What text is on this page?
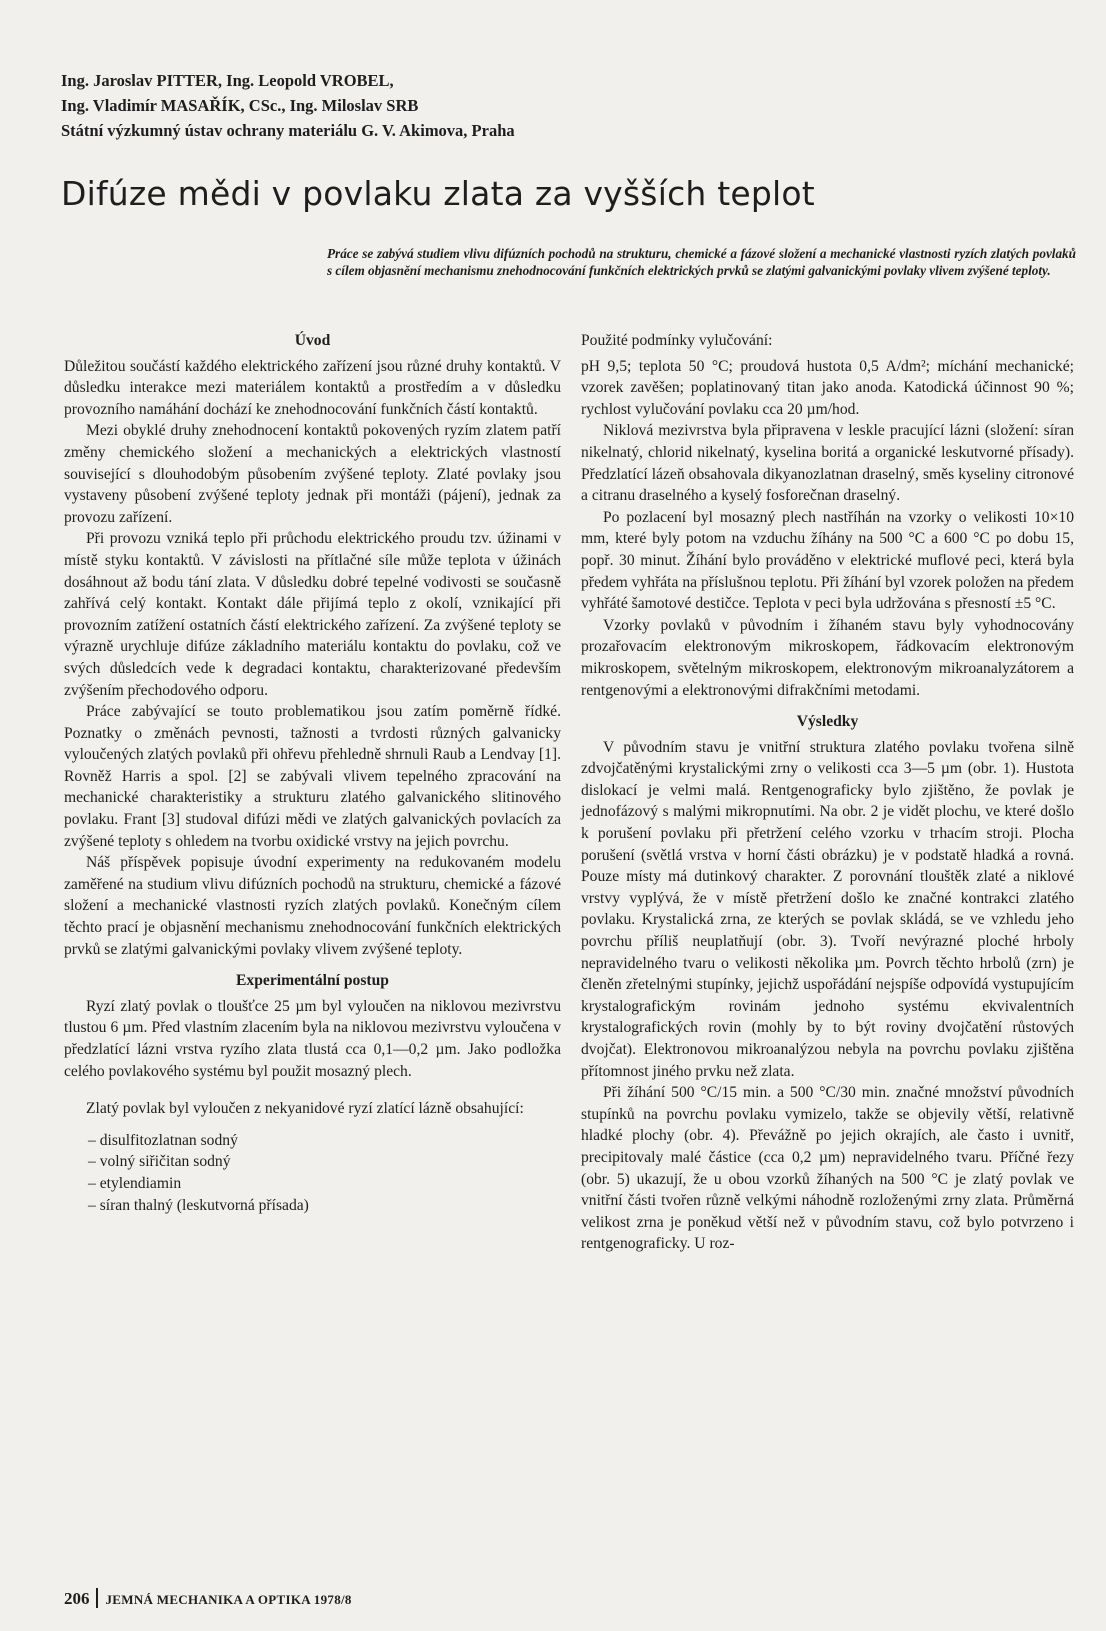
Ing. Jaroslav PITTER, Ing. Leopold VROBEL,
Ing. Vladimír MASAŘÍK, CSc., Ing. Miloslav SRB
Státní výzkumný ústav ochrany materiálu G. V. Akimova, Praha
Difúze mědi v povlaku zlata za vyšších teplot
Práce se zabývá studiem vlivu difúzních pochodů na strukturu, chemické a fázové složení a mechanické vlastnosti ryzích zlatých povlaků s cílem objasnění mechanismu znehodnocování funkčních elektrických prvků se zlatými galvanickými povlaky vlivem zvýšené teploty.
Úvod

Důležitou součástí každého elektrického zařízení jsou různé druhy kontaktů. V důsledku interakce mezi materiálem kontaktů a prostředím a v důsledku provozního namáhání dochází ke znehodnocování funkčních částí kontaktů.

Mezi obyklé druhy znehodnocení kontaktů pokovených ryzím zlatem patří změny chemického složení a mechanických a elektrických vlastností související s dlouhodobým působením zvýšené teploty. Zlaté povlaky jsou vystaveny působení zvýšené teploty jednak při montáži (pájení), jednak za provozu zařízení.

Při provozu vzniká teplo při průchodu elektrického proudu tzv. úžinami v místě styku kontaktů. V závislosti na přítlačné síle může teplota v úžinách dosáhnout až bodu tání zlata. V důsledku dobré tepelné vodivosti se současně zahřívá celý kontakt. Kontakt dále přijímá teplo z okolí, vznikající při provozním zatížení ostatních částí elektrického zařízení. Za zvýšené teploty se výrazně urychluje difúze základního materiálu kontaktu do povlaku, což ve svých důsledcích vede k degradaci kontaktu, charakterizované především zvýšením přechodového odporu.

Práce zabývající se touto problematikou jsou zatím poměrně řídké. Poznatky o změnách pevnosti, tažnosti a tvrdosti různých galvanicky vyloučených zlatých povlaků při ohřevu přehledně shrnuli Raub a Lendvay [1]. Rovněž Harris a spol. [2] se zabývali vlivem tepelného zpracování na mechanické charakteristiky a strukturu zlatého galvanického slitinového povlaku. Frant [3] studoval difúzi mědi ve zlatých galvanických povlacích za zvýšené teploty s ohledem na tvorbu oxidické vrstvy na jejich povrchu.

Náš příspěvek popisuje úvodní experimenty na redukovaném modelu zaměřené na studium vlivu difúzních pochodů na strukturu, chemické a fázové složení a mechanické vlastnosti ryzích zlatých povlaků. Konečným cílem těchto prací je objasnění mechanismu znehodnocování funkčních elektrických prvků se zlatými galvanickými povlaky vlivem zvýšené teploty.

Experimentální postup

Ryzí zlatý povlak o tloušťce 25 µm byl vyloučen na niklovou mezivrstvu tlustou 6 µm. Před vlastním zlacením byla na niklovou mezivrstvu vyloučena v předzlatící lázni vrstva ryzího zlata tlustá cca 0,1—0,2 µm. Jako podložka celého povlakového systému byl použit mosazný plech.

Zlatý povlak byl vyloučen z nekyanidové ryzí zlatící lázně obsahující:

– disulfitozlatnan sodný
– volný siřičitan sodný
– etylendiamin
– síran thalný (leskutvorná přísada)

Použité podmínky vylučování:

pH 9,5; teplota 50 °C; proudová hustota 0,5 A/dm²; míchání mechanické; vzorek zavěšen; poplatinovaný titan jako anoda. Katodická účinnost 90 %; rychlost vylučování povlaku cca 20 µm/hod.

Niklová mezivrstva byla připravena v leskle pracující lázni (složení: síran nikelnatý, chlorid nikelnatý, kyselina boritá a organické leskutvorné přísady). Předzlatící lázeň obsahovala dikyanozlatnan draselný, směs kyseliny citronové a citranu draselného a kyselý fosforečnan draselný.

Po pozlacení byl mosazný plech nastříhán na vzorky o velikosti 10×10 mm, které byly potom na vzduchu žíhány na 500 °C a 600 °C po dobu 15, popř. 30 minut. Žíhání bylo prováděno v elektrické muflové peci, která byla předem vyhřáta na příslušnou teplotu. Při žíhání byl vzorek položen na předem vyhřáté šamotové destičce. Teplota v peci byla udržována s přesností ±5 °C.

Vzorky povlaků v původním i žíhaném stavu byly vyhodnocovány prozařovacím elektronovým mikroskopem, řádkovacím elektronovým mikroskopem, světelným mikroskopem, elektronovým mikroanalyzátorem a rentgenovými a elektronovými difrakčními metodami.

Výsledky

V původním stavu je vnitřní struktura zlatého povlaku tvořena silně zdvojčatěnými krystalickými zrny o velikosti cca 3—5 µm (obr. 1). Hustota dislokací je velmi malá. Rentgenograficky bylo zjištěno, že povlak je jednofázový s malými mikropnutími. Na obr. 2 je vidět plochu, ve které došlo k porušení povlaku při přetržení celého vzorku v trhacím stroji. Plocha porušení (světlá vrstva v horní části obrázku) je v podstatě hladká a rovná. Pouze místy má dutinkový charakter. Z porovnání tlouštěk zlaté a niklové vrstvy vyplývá, že v místě přetržení došlo ke značné kontrakci zlatého povlaku. Krystalická zrna, ze kterých se povlak skládá, se ve vzhledu jeho povrchu příliš neuplatňují (obr. 3). Tvoří nevýrazné ploché hrboly nepravidelného tvaru o velikosti několika µm. Povrch těchto hrbolů (zrn) je členěn zřetelnými stupínky, jejichž uspořádání nejspíše odpovídá vystupujícím krystalografickým rovinám jednoho systému ekvivalentních krystalografických rovin (mohly by to být roviny dvojčatění růstových dvojčat). Elektronovou mikroanalýzou nebyla na povrchu povlaku zjištěna přítomnost jiného prvku než zlata.

Při žíhání 500 °C/15 min. a 500 °C/30 min. značné množství původních stupínků na povrchu povlaku vymizelo, takže se objevily větší, relativně hladké plochy (obr. 4). Převážně po jejich okrajích, ale často i uvnitř, precipitovaly malé částice (cca 0,2 µm) nepravidelného tvaru. Příčné řezy (obr. 5) ukazují, že u obou vzorků žíhaných na 500 °C je zlatý povlak ve vnitřní části tvořen různě velkými náhodně rozloženými zrny zlata. Průměrná velikost zrna je poněkud větší než v původním stavu, což bylo potvrzeno i rentgenograficky. U roz-

206 JEMNÁ MECHANIKA A OPTIKA 1978/8
